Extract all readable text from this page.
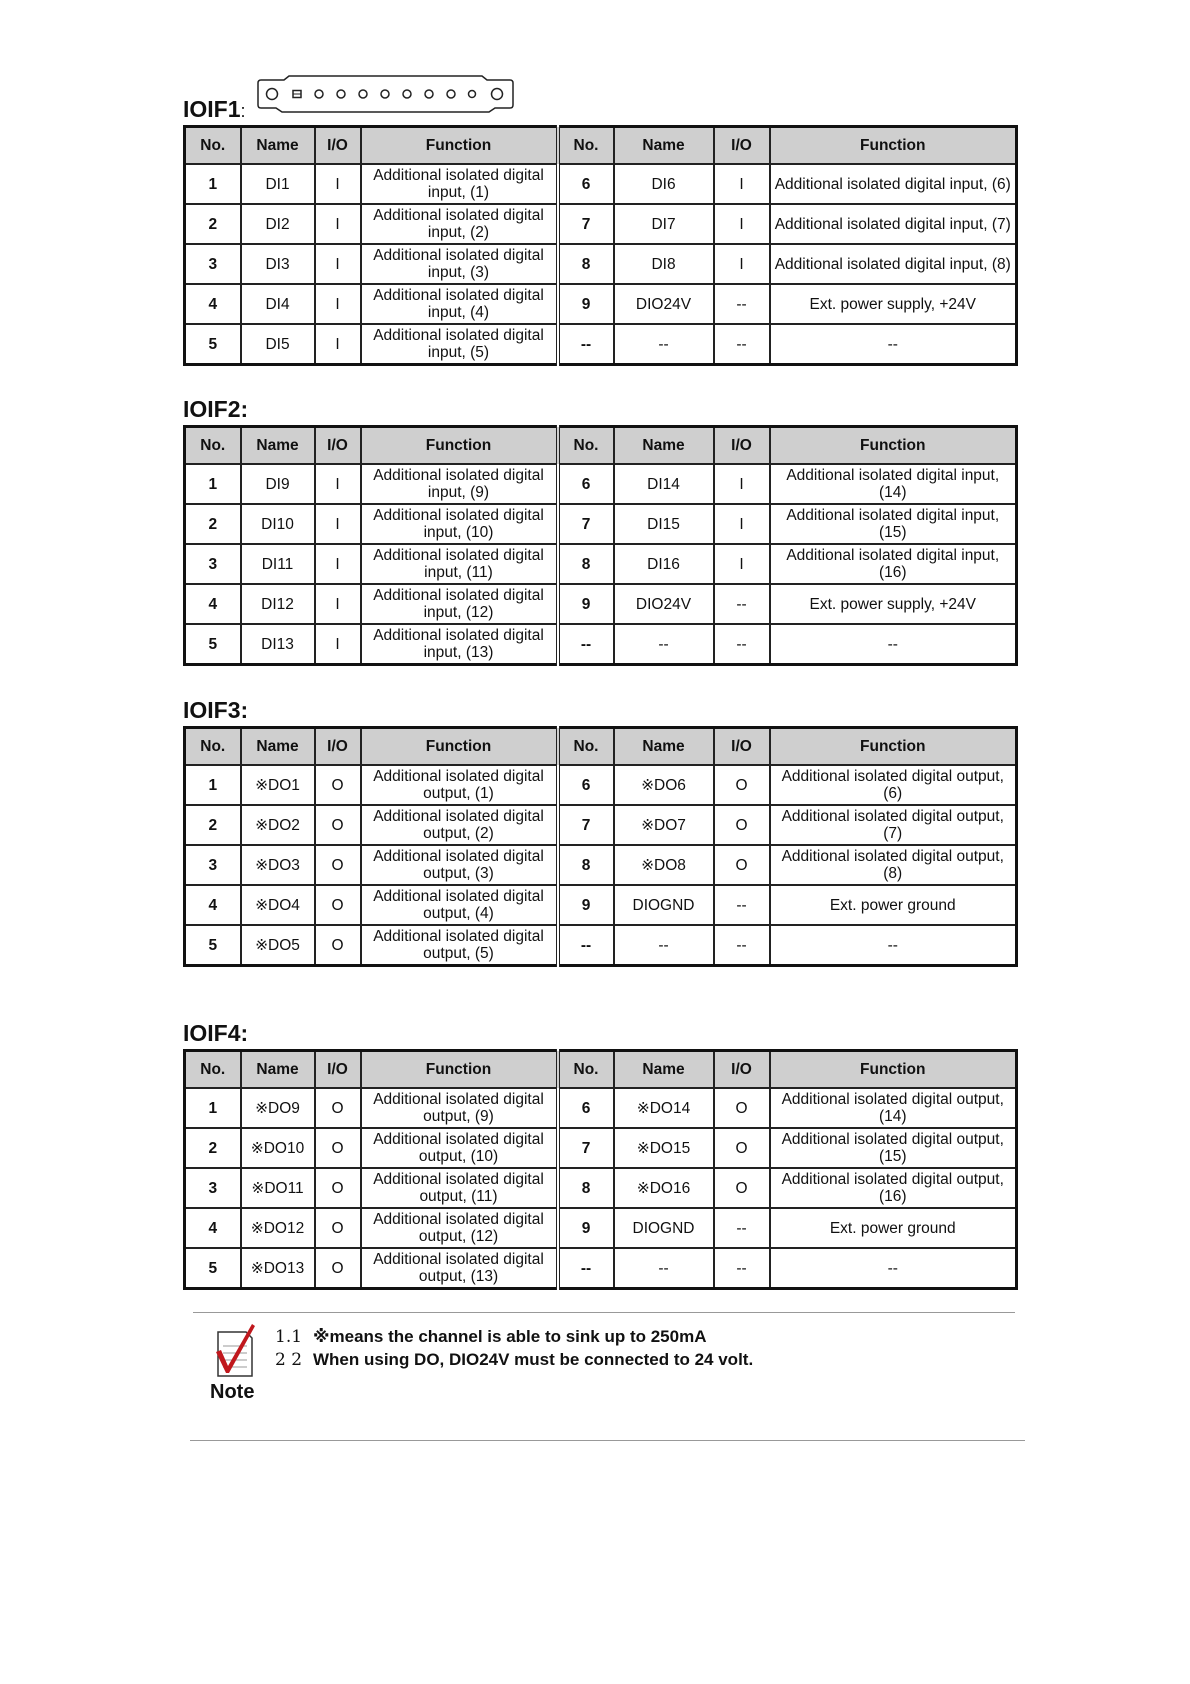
IOIF1:
No.	Name	I/O	Function	No.	Name	I/O	Function
1	DI1	I	Additional isolated digital input, (1)	6	DI6	I	Additional isolated digital input, (6)
2	DI2	I	Additional isolated digital input, (2)	7	DI7	I	Additional isolated digital input, (7)
3	DI3	I	Additional isolated digital input, (3)	8	DI8	I	Additional isolated digital input, (8)
4	DI4	I	Additional isolated digital input, (4)	9	DIO24V	--	Ext. power supply, +24V
5	DI5	I	Additional isolated digital input, (5)	--	--	--	--
IOIF2:
No.	Name	I/O	Function	No.	Name	I/O	Function
1	DI9	I	Additional isolated digital input, (9)	6	DI14	I	Additional isolated digital input, (14)
2	DI10	I	Additional isolated digital input, (10)	7	DI15	I	Additional isolated digital input, (15)
3	DI11	I	Additional isolated digital input, (11)	8	DI16	I	Additional isolated digital input, (16)
4	DI12	I	Additional isolated digital input, (12)	9	DIO24V	--	Ext. power supply, +24V
5	DI13	I	Additional isolated digital input, (13)	--	--	--	--
IOIF3:
No.	Name	I/O	Function	No.	Name	I/O	Function
1	※DO1	O	Additional isolated digital output, (1)	6	※DO6	O	Additional isolated digital output, (6)
2	※DO2	O	Additional isolated digital output, (2)	7	※DO7	O	Additional isolated digital output, (7)
3	※DO3	O	Additional isolated digital output, (3)	8	※DO8	O	Additional isolated digital output, (8)
4	※DO4	O	Additional isolated digital output, (4)	9	DIOGND	--	Ext. power ground
5	※DO5	O	Additional isolated digital output, (5)	--	--	--	--
IOIF4:
No.	Name	I/O	Function	No.	Name	I/O	Function
1	※DO9	O	Additional isolated digital output, (9)	6	※DO14	O	Additional isolated digital output, (14)
2	※DO10	O	Additional isolated digital output, (10)	7	※DO15	O	Additional isolated digital output, (15)
3	※DO11	O	Additional isolated digital output, (11)	8	※DO16	O	Additional isolated digital output, (16)
4	※DO12	O	Additional isolated digital output, (12)	9	DIOGND	--	Ext. power ground
5	※DO13	O	Additional isolated digital output, (13)	--	--	--	--
Note
1.1 ※means the channel is able to sink up to 250mA
2 2 When using DO, DIO24V must be connected to 24 volt.
